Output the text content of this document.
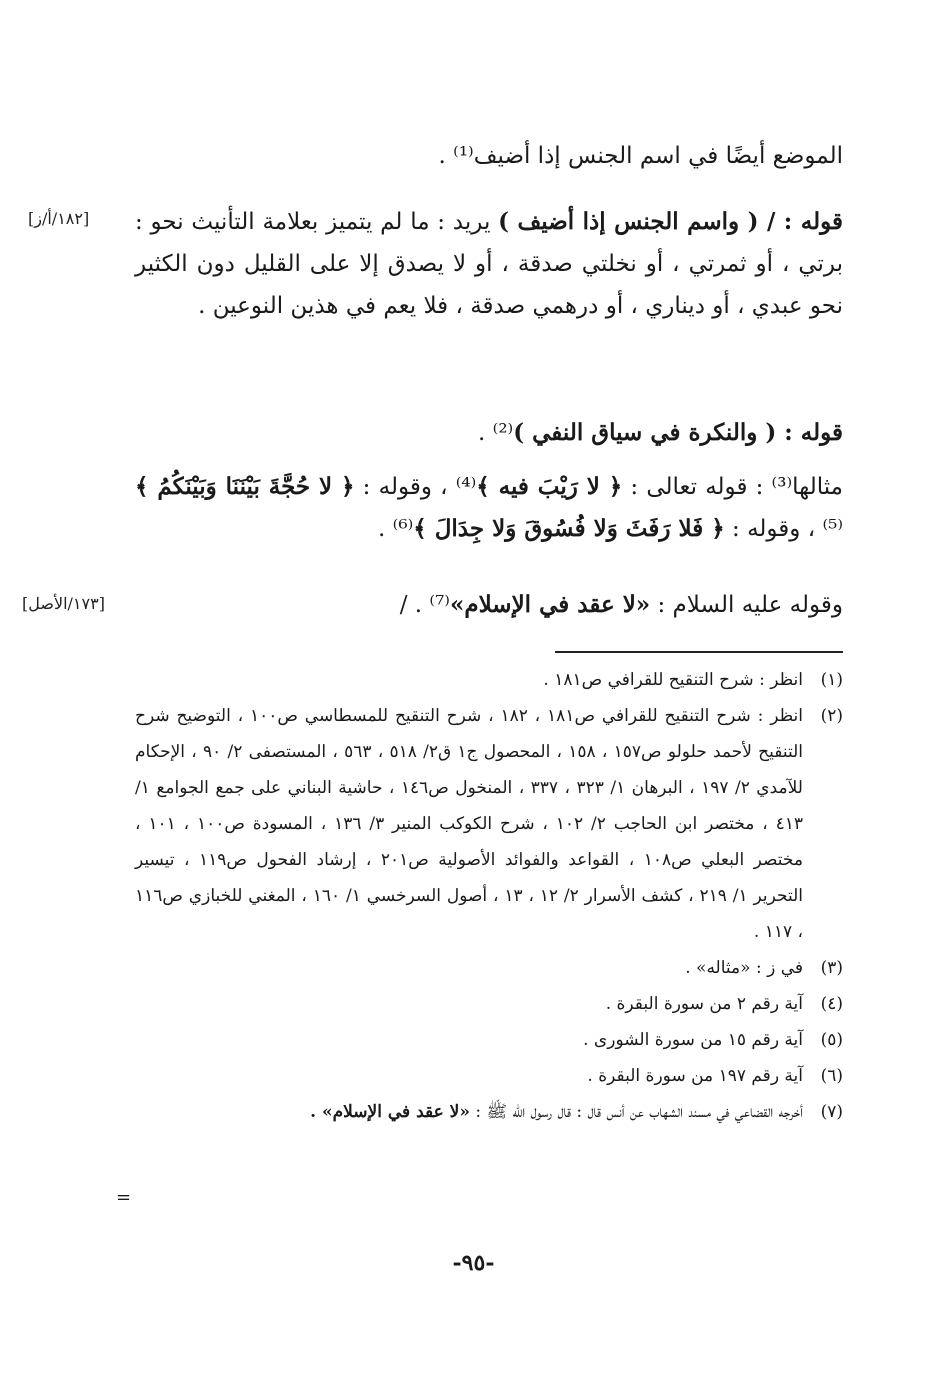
الموضع أيضًا في اسم الجنس إذا أضيف⁽¹⁾ .

قوله : / ( واسم الجنس إذا أضيف ) يريد : ما لم يتميز بعلامة التأنيث نحو : برتي ، أو ثمرتي ، أو نخلتي صدقة ، أو لا يصدق إلا على القليل دون الكثير نحو عبدي ، أو ديناري ، أو درهمي صدقة ، فلا يعم في هذين النوعين .

قوله : ( والنكرة في سياق النفي )⁽²⁾ .

مثالها⁽³⁾ : قوله تعالى : ﴿ لا رَيْبَ فيه ﴾⁽⁴⁾ ، وقوله : ﴿ لا حُجَّةَ بَيْنَنَا وَبَيْنَكُمُ ﴾⁽⁵⁾ ، وقوله : ﴿ فَلا رَفَثَ وَلا فُسُوقَ وَلا جِدَالَ ﴾⁽⁶⁾ .

وقوله عليه السلام : «لا عقد في الإسلام»⁽⁷⁾ . /

[١٨٢/أ/ز]
[١٧٣/الأصل]
(١)
انظر : شرح التنقيح للقرافي ص١٨١ .
(٢)
انظر : شرح التنقيح للقرافي ص١٨١ ، ١٨٢ ، شرح التنقيح للمسطاسي ص١٠٠ ، التوضيح شرح التنقيح لأحمد حلولو ص١٥٧ ، ١٥٨ ، المحصول ج١ ق٢/ ٥١٨ ، ٥٦٣ ، المستصفى ٢/ ٩٠ ، الإحكام للآمدي ٢/ ١٩٧ ، البرهان ١/ ٣٢٣ ، ٣٣٧ ، المنخول ص١٤٦ ، حاشية البناني على جمع الجوامع ١/ ٤١٣ ، مختصر ابن الحاجب ٢/ ١٠٢ ، شرح الكوكب المنير ٣/ ١٣٦ ، المسودة ص١٠٠ ، ١٠١ ، مختصر البعلي ص١٠٨ ، القواعد والفوائد الأصولية ص٢٠١ ، إرشاد الفحول ص١١٩ ، تيسير التحرير ١/ ٢١٩ ، كشف الأسرار ٢/ ١٢ ، ١٣ ، أصول السرخسي ١/ ١٦٠ ، المغني للخبازي ص١١٦ ، ١١٧ .
(٣)
في ز : «مثاله» .
(٤)
آية رقم ٢ من سورة البقرة .
(٥)
آية رقم ١٥ من سورة الشورى .
(٦)
آية رقم ١٩٧ من سورة البقرة .
(٧)
أخرجه القضاعي في مسند الشهاب عن أنس قال : قال رسول الله ﷺ : «لا عقد في الإسلام» .
=
-٩٥-
